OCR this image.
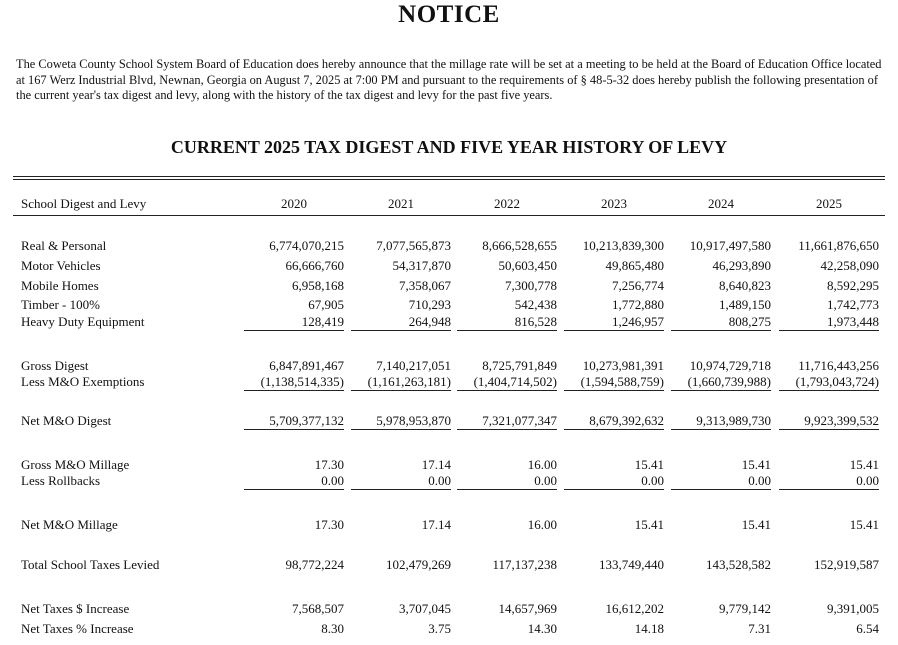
NOTICE
The Coweta County School System Board of Education does hereby announce that the millage rate will be set at a meeting to be held at the Board of Education Office located at 167 Werz Industrial Blvd, Newnan, Georgia on August 7, 2025 at 7:00 PM and pursuant to the requirements of § 48-5-32 does hereby publish the following presentation of the current year's tax digest and levy, along with the history of the tax digest and levy for the past five years.
CURRENT 2025 TAX DIGEST AND FIVE YEAR HISTORY OF LEVY
School Digest and Levy	2020	2021	2022	2023	2024	2025
Real & Personal	6,774,070,215	7,077,565,873	8,666,528,655	10,213,839,300	10,917,497,580	11,661,876,650
Motor Vehicles	66,666,760	54,317,870	50,603,450	49,865,480	46,293,890	42,258,090
Mobile Homes	6,958,168	7,358,067	7,300,778	7,256,774	8,640,823	8,592,295
Timber - 100%	67,905	710,293	542,438	1,772,880	1,489,150	1,742,773
Heavy Duty Equipment	128,419	264,948	816,528	1,246,957	808,275	1,973,448
Gross Digest	6,847,891,467	7,140,217,051	8,725,791,849	10,273,981,391	10,974,729,718	11,716,443,256
Less M&O Exemptions	(1,138,514,335)	(1,161,263,181)	(1,404,714,502)	(1,594,588,759)	(1,660,739,988)	(1,793,043,724)
Net M&O Digest	5,709,377,132	5,978,953,870	7,321,077,347	8,679,392,632	9,313,989,730	9,923,399,532
Gross M&O Millage	17.30	17.14	16.00	15.41	15.41	15.41
Less Rollbacks	0.00	0.00	0.00	0.00	0.00	0.00
Net M&O Millage	17.30	17.14	16.00	15.41	15.41	15.41
Total School Taxes Levied	98,772,224	102,479,269	117,137,238	133,749,440	143,528,582	152,919,587
Net Taxes $ Increase	7,568,507	3,707,045	14,657,969	16,612,202	9,779,142	9,391,005
Net Taxes % Increase	8.30	3.75	14.30	14.18	7.31	6.54
